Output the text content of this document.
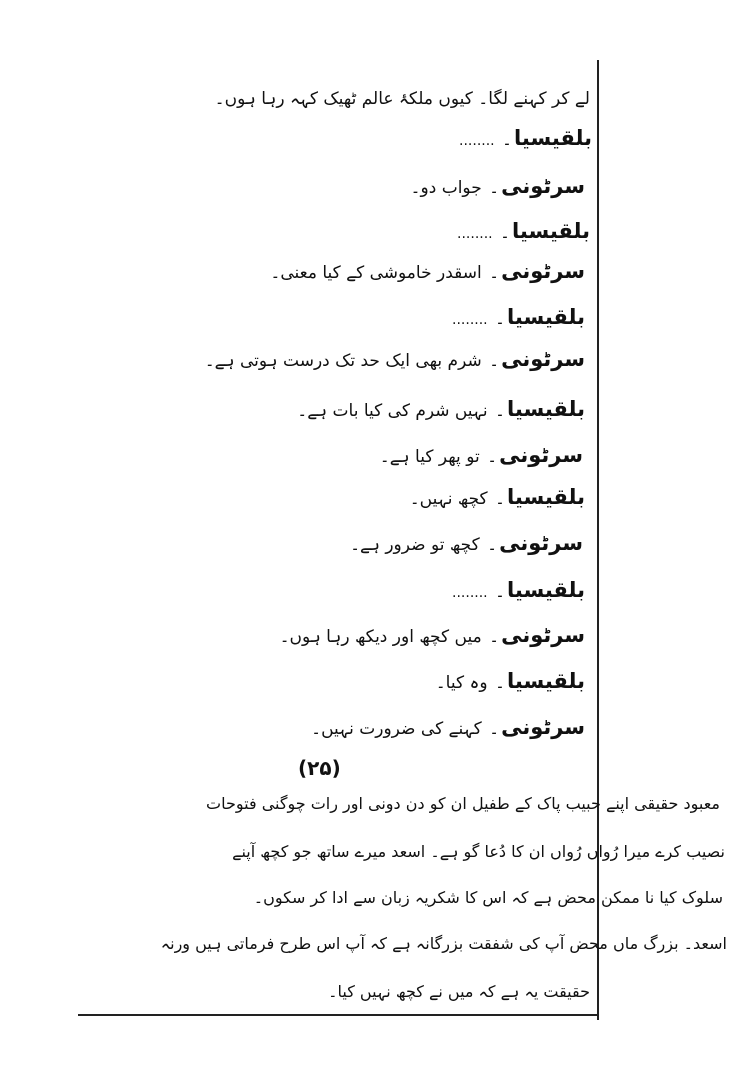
لے کر کہنے لگا۔ کیوں ملکۂ عالم ٹھیک کہہ رہا ہوں۔
بلقیسیا۔ ........
سرٹونی۔ جواب دو۔
بلقیسیا۔ ........
سرٹونی۔ اسقدر خاموشی کے کیا معنی۔
بلقیسیا۔ ........
سرٹونی۔ شرم بھی ایک حد تک درست ہوتی ہے۔
بلقیسیا۔ نہیں شرم کی کیا بات ہے۔
سرٹونی۔ تو پھر کیا ہے۔
بلقیسیا۔ کچھ نہیں۔
سرٹونی۔ کچھ تو ضرور ہے۔
بلقیسیا۔ ........
سرٹونی۔ میں کچھ اور دیکھ رہا ہوں۔
بلقیسیا۔ وہ کیا۔
سرٹونی۔ کہنے کی ضرورت نہیں۔
(۲۵)
معبود حقیقی اپنے حبیب پاک کے طفیل ان کو دن دونی اور رات چوگنی فتوحات
نصیب کرے میرا رُواں رُواں ان کا دُعا گو ہے۔ اسعد میرے ساتھ جو کچھ آپنے
سلوک کیا نا ممکن محض ہے کہ اس کا شکریہ زبان سے ادا کر سکوں۔
اسعد۔ بزرگ ماں محض آپ کی شفقت بزرگانہ ہے کہ آپ اس طرح فرماتی ہیں ورنہ
حقیقت یہ ہے کہ میں نے کچھ نہیں کیا۔
